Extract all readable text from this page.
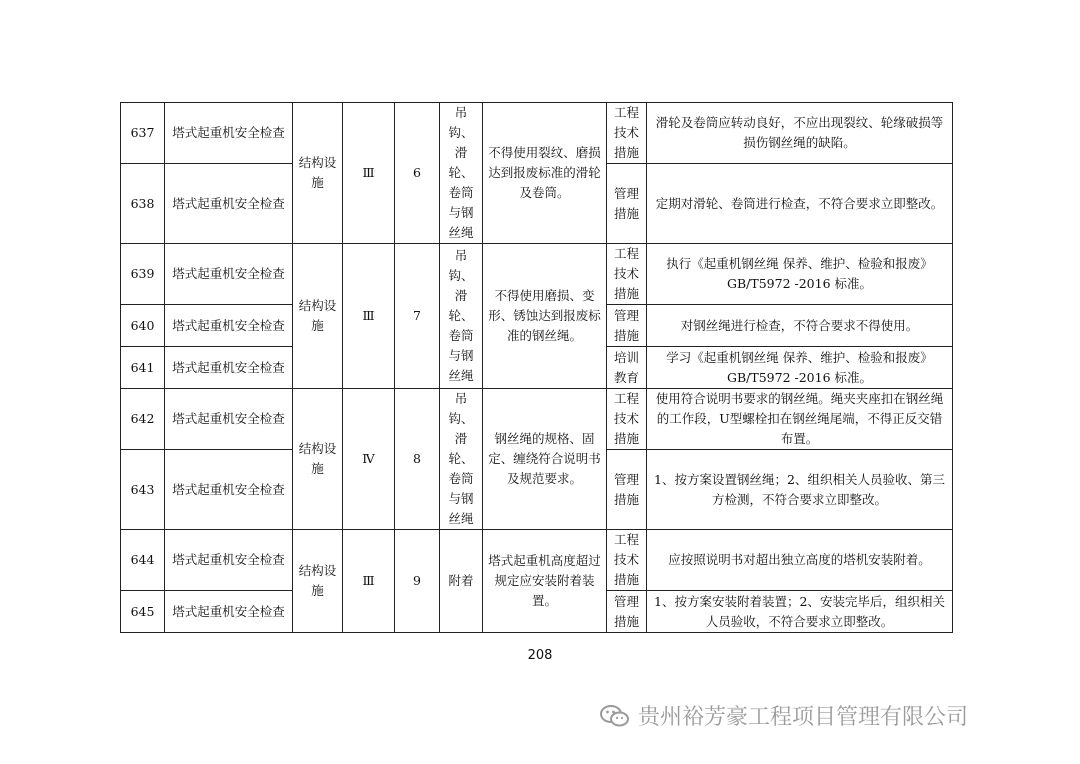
637	塔式起重机安全检查	结构设施	Ⅲ	6	吊钩、滑轮、卷筒与钢丝绳	不得使用裂纹、磨损达到报废标准的滑轮及卷筒。	工程技术措施	滑轮及卷筒应转动良好，不应出现裂纹、轮缘破损等损伤钢丝绳的缺陷。
638	塔式起重机安全检查						管理措施	定期对滑轮、卷筒进行检查，不符合要求立即整改。
639	塔式起重机安全检查	结构设施	Ⅲ	7	吊钩、滑轮、卷筒与钢丝绳	不得使用磨损、变形、锈蚀达到报废标准的钢丝绳。	工程技术措施	执行《起重机钢丝绳 保养、维护、检验和报废》GB/T5972 -2016 标准。
640	塔式起重机安全检查						管理措施	对钢丝绳进行检查，不符合要求不得使用。
641	塔式起重机安全检查						培训教育	学习《起重机钢丝绳 保养、维护、检验和报废》GB/T5972 -2016 标准。
642	塔式起重机安全检查	结构设施	Ⅳ	8	吊钩、滑轮、卷筒与钢丝绳	钢丝绳的规格、固定、缠绕符合说明书及规范要求。	工程技术措施	使用符合说明书要求的钢丝绳。绳夹夹座扣在钢丝绳的工作段，U型螺栓扣在钢丝绳尾端，不得正反交错布置。
643	塔式起重机安全检查						管理措施	1、按方案设置钢丝绳；2、组织相关人员验收、第三方检测，不符合要求立即整改。
644	塔式起重机安全检查	结构设施	Ⅲ	9	附着	塔式起重机高度超过规定应安装附着装置。	工程技术措施	应按照说明书对超出独立高度的塔机安装附着。
645	塔式起重机安全检查						管理措施	1、按方案安装附着装置；2、安装完毕后，组织相关人员验收，不符合要求立即整改。
208
贵州裕芳豪工程项目管理有限公司
